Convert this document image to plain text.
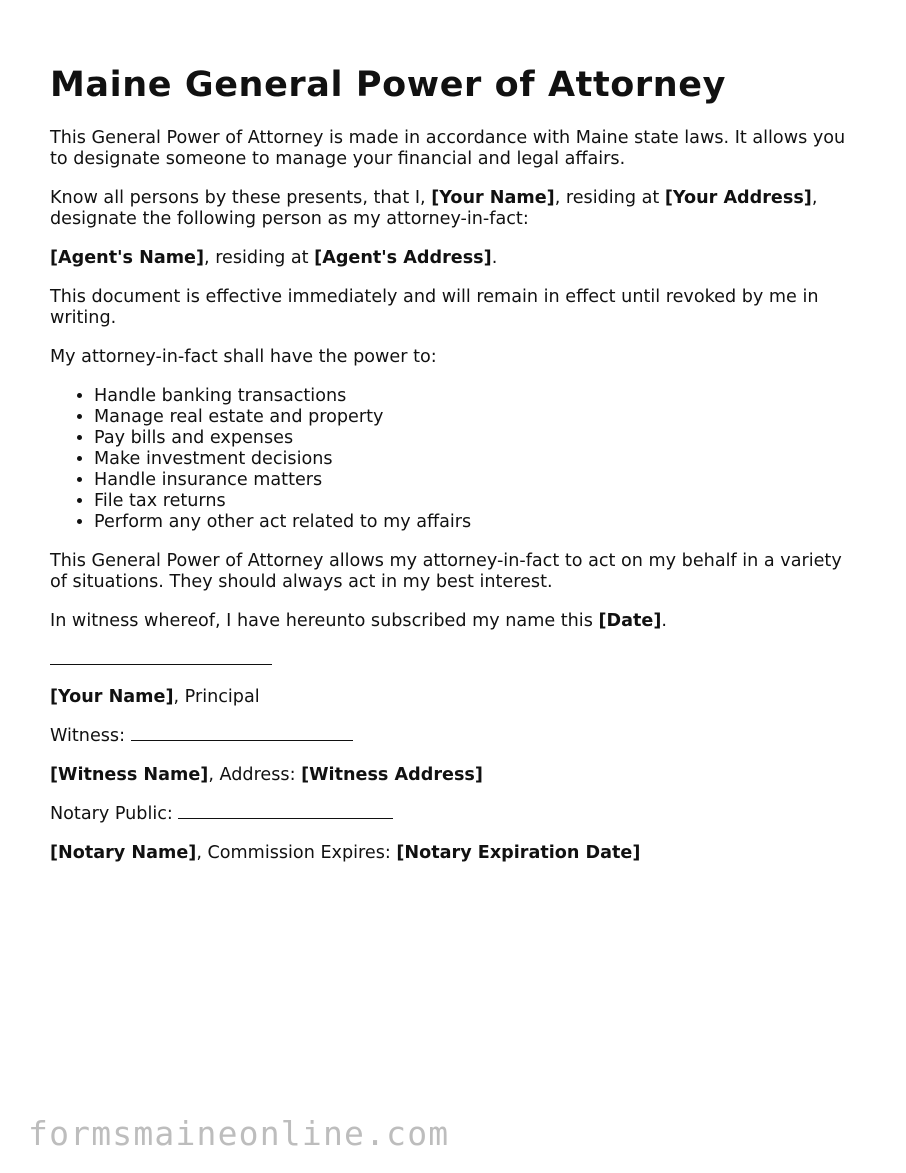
Maine General Power of Attorney

This General Power of Attorney is made in accordance with Maine state laws. It allows you to designate someone to manage your financial and legal affairs.

Know all persons by these presents, that I, [Your Name], residing at [Your Address], designate the following person as my attorney-in-fact:

[Agent's Name], residing at [Agent's Address].

This document is effective immediately and will remain in effect until revoked by me in writing.

My attorney-in-fact shall have the power to:

• Handle banking transactions
• Manage real estate and property
• Pay bills and expenses
• Make investment decisions
• Handle insurance matters
• File tax returns
• Perform any other act related to my affairs

This General Power of Attorney allows my attorney-in-fact to act on my behalf in a variety of situations. They should always act in my best interest.

In witness whereof, I have hereunto subscribed my name this [Date].

[Your Name], Principal

Witness:

[Witness Name], Address: [Witness Address]

Notary Public:

[Notary Name], Commission Expires: [Notary Expiration Date]

formsmaineonline.com
